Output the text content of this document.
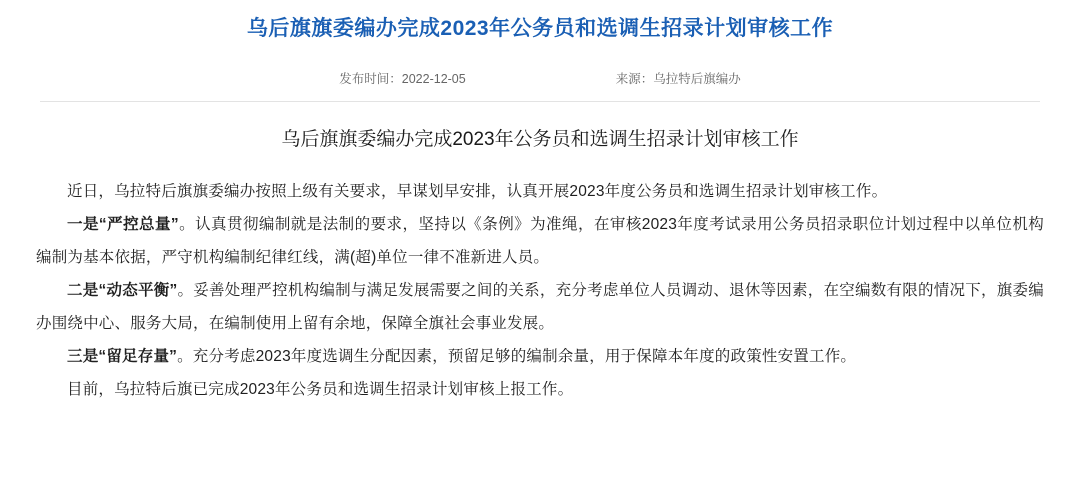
乌后旗旗委编办完成2023年公务员和选调生招录计划审核工作
发布时间：2022-12-05	来源：乌拉特后旗编办
乌后旗旗委编办完成2023年公务员和选调生招录计划审核工作

近日，乌拉特后旗旗委编办按照上级有关要求，早谋划早安排，认真开展2023年度公务员和选调生招录计划审核工作。

一是“严控总量”。认真贯彻编制就是法制的要求，坚持以《条例》为准绳，在审核2023年度考试录用公务员招录职位计划过程中以单位机构编制为基本依据，严守机构编制纪律红线，满(超)单位一律不准新进人员。

二是“动态平衡”。妥善处理严控机构编制与满足发展需要之间的关系，充分考虑单位人员调动、退休等因素，在空编数有限的情况下，旗委编办围绕中心、服务大局，在编制使用上留有余地，保障全旗社会事业发展。

三是“留足存量”。充分考虑2023年度选调生分配因素，预留足够的编制余量，用于保障本年度的政策性安置工作。

目前，乌拉特后旗已完成2023年公务员和选调生招录计划审核上报工作。
